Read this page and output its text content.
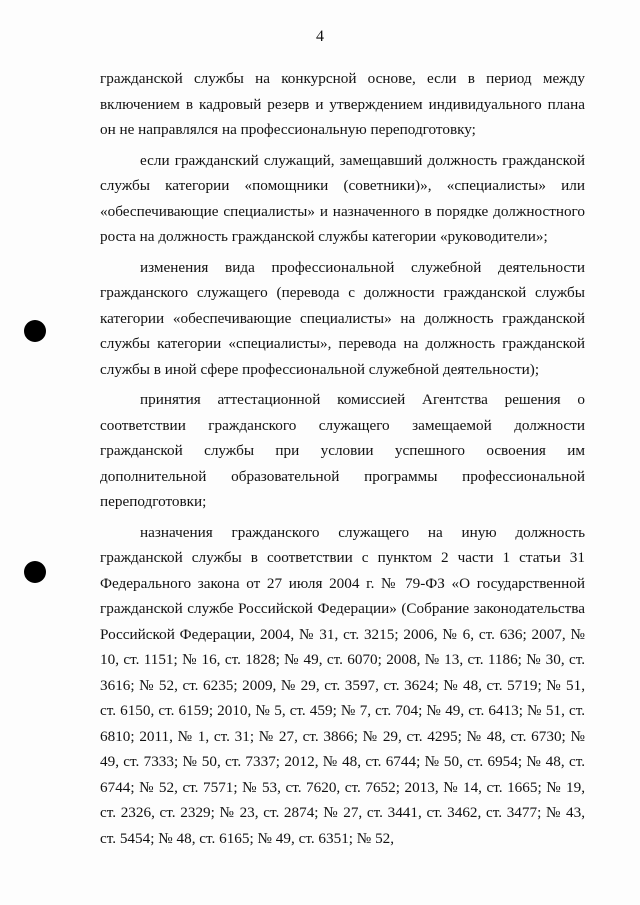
4

гражданской службы на конкурсной основе, если в период между включением в кадровый резерв и утверждением индивидуального плана он не направлялся на профессиональную переподготовку;

если гражданский служащий, замещавший должность гражданской службы категории «помощники (советники)», «специалисты» или «обеспечивающие специалисты» и назначенного в порядке должностного роста на должность гражданской службы категории «руководители»;

изменения вида профессиональной служебной деятельности гражданского служащего (перевода с должности гражданской службы категории «обеспечивающие специалисты» на должность гражданской службы категории «специалисты», перевода на должность гражданской службы в иной сфере профессиональной служебной деятельности);

принятия аттестационной комиссией Агентства решения о соответствии гражданского служащего замещаемой должности гражданской службы при условии успешного освоения им дополнительной образовательной программы профессиональной переподготовки;

назначения гражданского служащего на иную должность гражданской службы в соответствии с пунктом 2 части 1 статьи 31 Федерального закона от 27 июля 2004 г. № 79-ФЗ «О государственной гражданской службе Российской Федерации» (Собрание законодательства Российской Федерации, 2004, № 31, ст. 3215; 2006, № 6, ст. 636; 2007, № 10, ст. 1151; № 16, ст. 1828; № 49, ст. 6070; 2008, № 13, ст. 1186; № 30, ст. 3616; № 52, ст. 6235; 2009, № 29, ст. 3597, ст. 3624; № 48, ст. 5719; № 51, ст. 6150, ст. 6159; 2010, № 5, ст. 459; № 7, ст. 704; № 49, ст. 6413; № 51, ст. 6810; 2011, № 1, ст. 31; № 27, ст. 3866; № 29, ст. 4295; № 48, ст. 6730; № 49, ст. 7333; № 50, ст. 7337; 2012, № 48, ст. 6744; № 50, ст. 6954; № 48, ст. 6744; № 52, ст. 7571; № 53, ст. 7620, ст. 7652; 2013, № 14, ст. 1665; № 19, ст. 2326, ст. 2329; № 23, ст. 2874; № 27, ст. 3441, ст. 3462, ст. 3477; № 43, ст. 5454; № 48, ст. 6165; № 49, ст. 6351; № 52,
